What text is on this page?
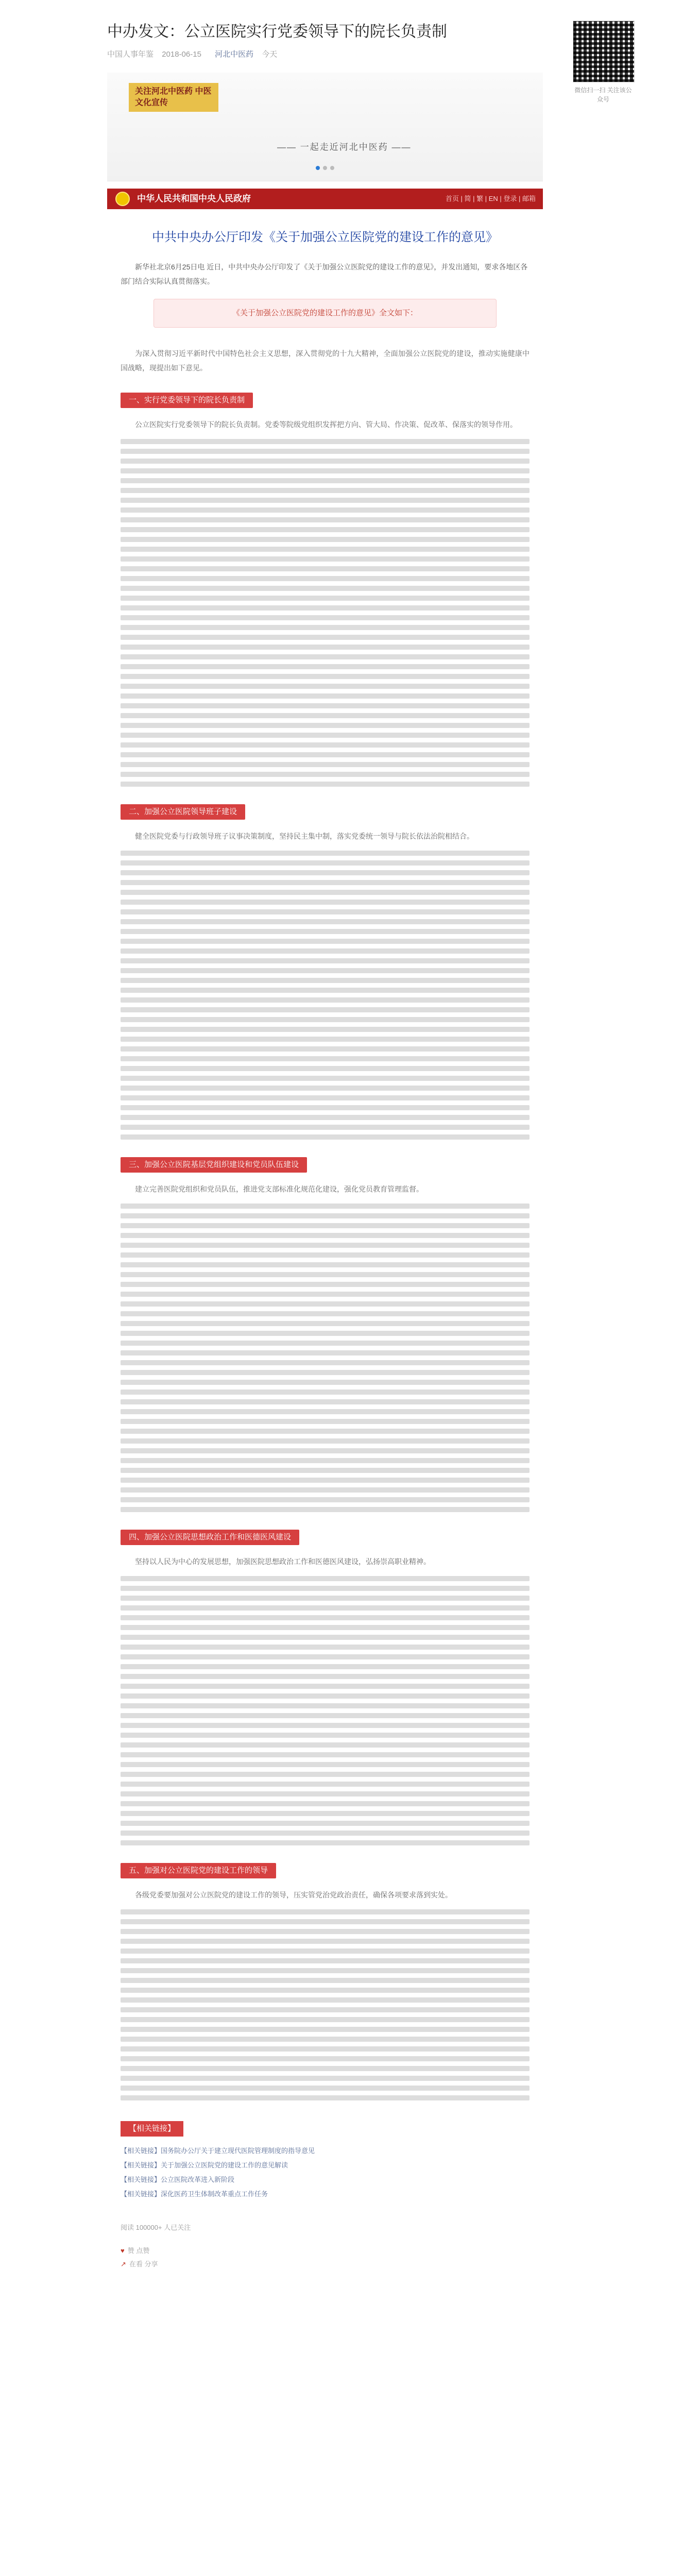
中办发文：公立医院实行党委领导下的院长负责制
中国人事年鉴 2018-06-15 河北中医药 今天
关注河北中医药 中医文化宣传
—— 一起走近河北中医药 ——
中华人民共和国中央人民政府	首页 | 简 | 繁 | EN | 登录 | 邮箱
中共中央办公厅印发《关于加强公立医院党的建设工作的意见》
新华社北京6月25日电 近日，中共中央办公厅印发了《关于加强公立医院党的建设工作的意见》，并发出通知，要求各地区各部门结合实际认真贯彻落实。
《关于加强公立医院党的建设工作的意见》全文如下：
为深入贯彻习近平新时代中国特色社会主义思想，深入贯彻党的十九大精神，全面加强公立医院党的建设，推动实施健康中国战略，现提出如下意见。
一、实行党委领导下的院长负责制
公立医院实行党委领导下的院长负责制。党委等院级党组织发挥把方向、管大局、作决策、促改革、保落实的领导作用。
二、加强公立医院领导班子建设
健全医院党委与行政领导班子议事决策制度，坚持民主集中制，落实党委统一领导与院长依法治院相结合。
三、加强公立医院基层党组织建设和党员队伍建设
建立完善医院党组织和党员队伍，推进党支部标准化规范化建设，强化党员教育管理监督。
四、加强公立医院思想政治工作和医德医风建设
坚持以人民为中心的发展思想，加强医院思想政治工作和医德医风建设，弘扬崇高职业精神。
五、加强对公立医院党的建设工作的领导
各级党委要加强对公立医院党的建设工作的领导，压实管党治党政治责任，确保各项要求落到实处。
【相关链接】
【相关链接】国务院办公厅关于建立现代医院管理制度的指导意见
【相关链接】关于加强公立医院党的建设工作的意见解读
【相关链接】公立医院改革进入新阶段
【相关链接】深化医药卫生体制改革重点工作任务
阅读 100000+ 人已关注
♥ 赞 点赞
↗ 在看 分享
微信扫一扫 关注该公众号
